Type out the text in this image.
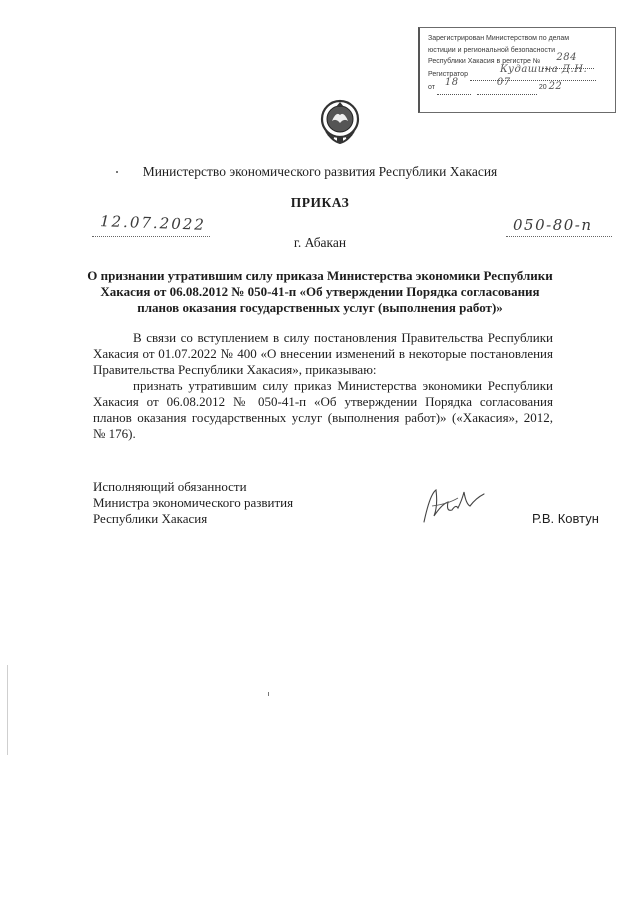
Зарегистрирован Министерством по делам
юстиции и региональной безопасности
Республики Хакасия в регистре № 284

Регистратор	Кудашина Д.Н.

от 18
	07	20 22
Министерство экономического развития Республики Хакасия
ПРИКАЗ
12.07.2022	050-80-п
г. Абакан
О признании утратившим силу приказа Министерства экономики Республики
Хакасия от 06.08.2012 № 050-41-п «Об утверждении Порядка согласования
планов оказания государственных услуг (выполнения работ)»

В связи со вступлением в силу постановления Правительства Республики Хакасия от 01.07.2022 № 400 «О внесении изменений в некоторые постановления Правительства Республики Хакасия», приказываю:

признать утратившим силу приказ Министерства экономики Республики Хакасия от 06.08.2012 № 050-41-п «Об утверждении Порядка согласования планов оказания государственных услуг (выполнения работ)» («Хакасия», 2012, № 176).

Исполняющий обязанности
Министра экономического развития
Республики Хакасия	Р.В. Ковтун
